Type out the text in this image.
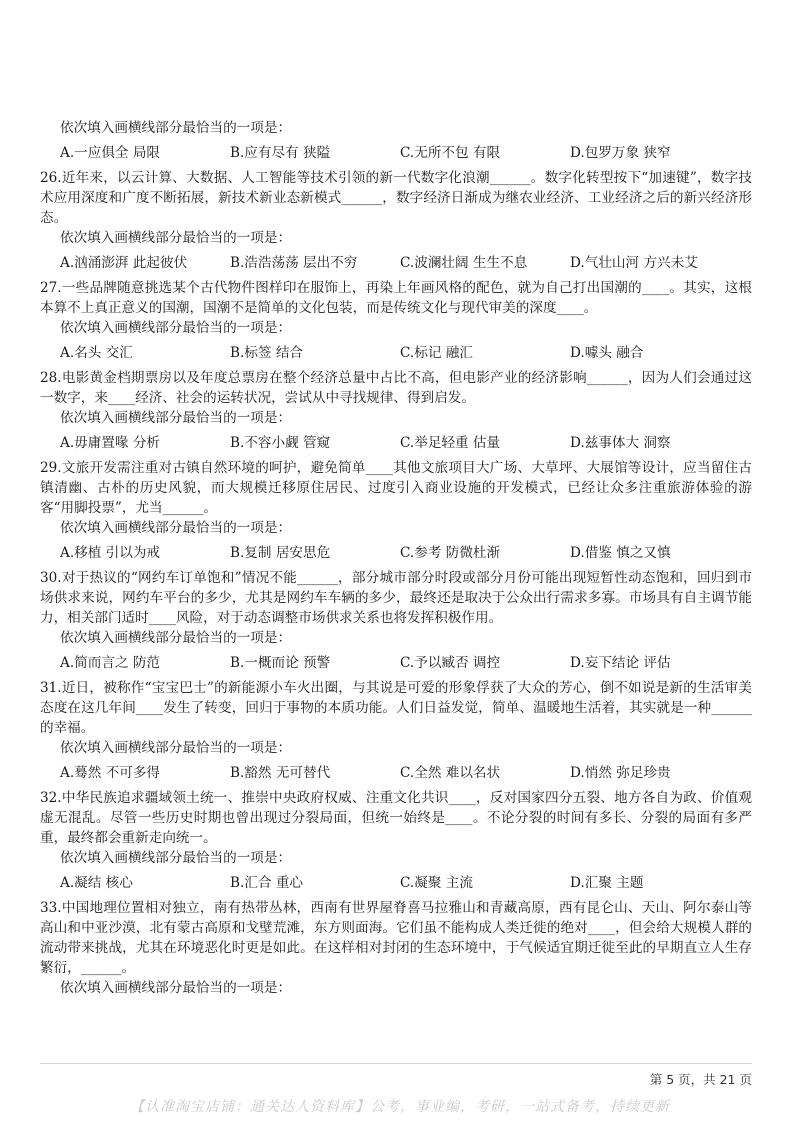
依次填入画横线部分最恰当的一项是：
A.一应俱全 局限	B.应有尽有 狭隘	C.无所不包 有限	D.包罗万象 狭窄
26.近年来，以云计算、大数据、人工智能等技术引领的新一代数字化浪潮______。数字化转型按下“加速键”，数字技术应用深度和广度不断拓展，新技术新业态新模式______，数字经济日渐成为继农业经济、工业经济之后的新兴经济形态。
依次填入画横线部分最恰当的一项是：
A.汹涌澎湃 此起彼伏	B.浩浩荡荡 层出不穷	C.波澜壮阔 生生不息	D.气壮山河 方兴未艾
27.一些品牌随意挑选某个古代物件图样印在服饰上，再染上年画风格的配色，就为自己打出国潮的____。其实，这根本算不上真正意义的国潮，国潮不是简单的文化包装，而是传统文化与现代审美的深度____。
依次填入画横线部分最恰当的一项是：
A.名头 交汇	B.标签 结合	C.标记 融汇	D.噱头 融合
28.电影黄金档期票房以及年度总票房在整个经济总量中占比不高，但电影产业的经济影响______，因为人们会通过这一数字，来____经济、社会的运转状况，尝试从中寻找规律、得到启发。
依次填入画横线部分最恰当的一项是：
A.毋庸置喙 分析	B.不容小觑 管窥	C.举足轻重 估量	D.兹事体大 洞察
29.文旅开发需注重对古镇自然环境的呵护，避免简单____其他文旅项目大广场、大草坪、大展馆等设计，应当留住古镇清幽、古朴的历史风貌，而大规模迁移原住居民、过度引入商业设施的开发模式，已经让众多注重旅游体验的游客“用脚投票”，尤当______。
依次填入画横线部分最恰当的一项是：
A.移植 引以为戒	B.复制 居安思危	C.参考 防微杜渐	D.借鉴 慎之又慎
30.对于热议的“网约车订单饱和”情况不能______，部分城市部分时段或部分月份可能出现短暂性动态饱和，回归到市场供求来说，网约车平台的多少，尤其是网约车车辆的多少，最终还是取决于公众出行需求多寡。市场具有自主调节能力，相关部门适时____风险，对于动态调整市场供求关系也将发挥积极作用。
依次填入画横线部分最恰当的一项是：
A.简而言之 防范	B.一概而论 预警	C.予以臧否 调控	D.妄下结论 评估
31.近日，被称作“宝宝巴士”的新能源小车火出圈，与其说是可爱的形象俘获了大众的芳心，倒不如说是新的生活审美态度在这几年间____发生了转变，回归于事物的本质功能。人们日益发觉，简单、温暖地生活着，其实就是一种______的幸福。
依次填入画横线部分最恰当的一项是：
A.蓦然 不可多得	B.豁然 无可替代	C.全然 难以名状	D.悄然 弥足珍贵
32.中华民族追求疆域领土统一、推崇中央政府权威、注重文化共识____，反对国家四分五裂、地方各自为政、价值观虚无混乱。尽管一些历史时期也曾出现过分裂局面，但统一始终是____。不论分裂的时间有多长、分裂的局面有多严重，最终都会重新走向统一。
依次填入画横线部分最恰当的一项是：
A.凝结 核心	B.汇合 重心	C.凝聚 主流	D.汇聚 主题
33.中国地理位置相对独立，南有热带丛林，西南有世界屋脊喜马拉雅山和青藏高原，西有昆仑山、天山、阿尔泰山等高山和中亚沙漠，北有蒙古高原和戈壁荒滩，东方则面海。它们虽不能构成人类迁徙的绝对____，但会给大规模人群的流动带来挑战，尤其在环境恶化时更是如此。在这样相对封闭的生态环境中，于气候适宜期迁徙至此的早期直立人生存繁衍，______。
依次填入画横线部分最恰当的一项是：
第 5 页，共 21 页
【认准淘宝店铺：通关达人资料库】公考，事业编，考研，一站式备考，持续更新
